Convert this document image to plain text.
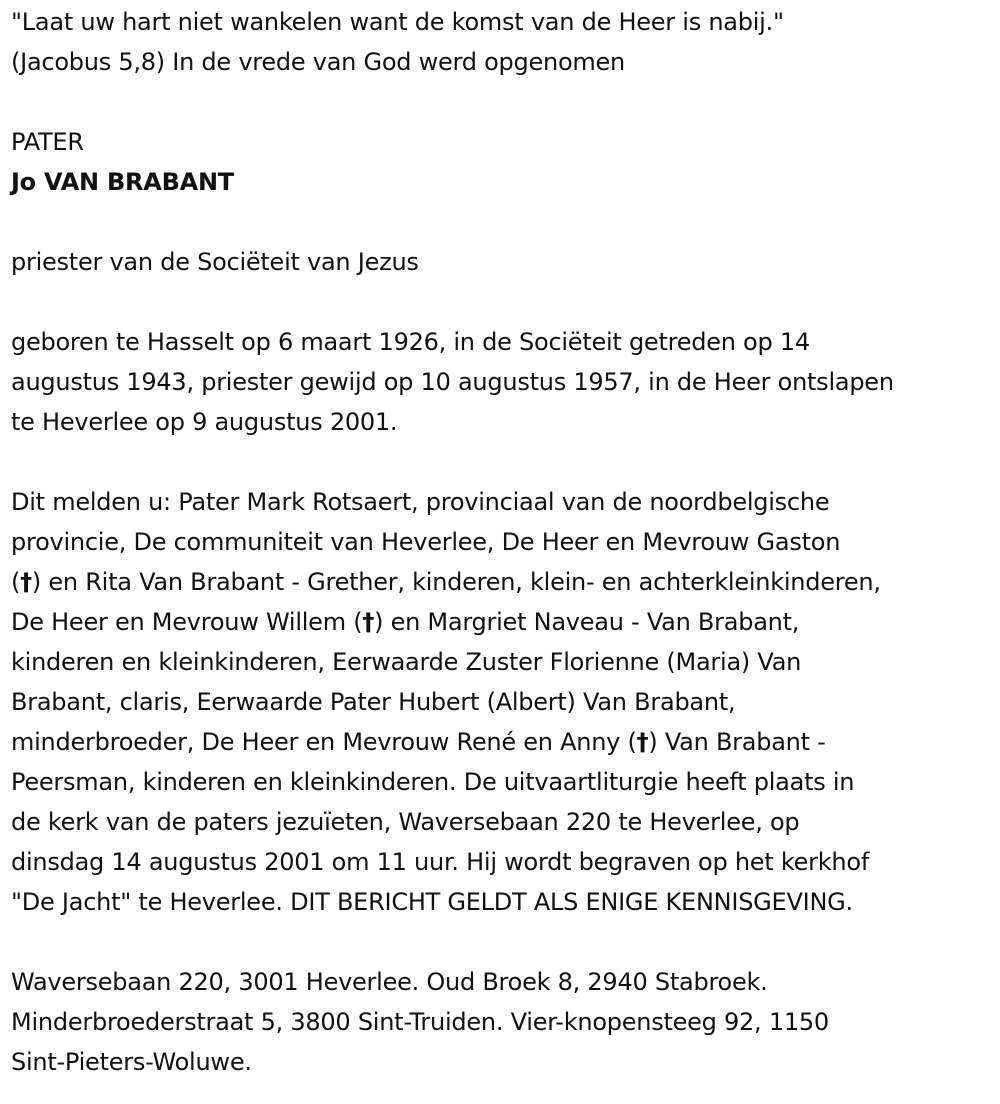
"Laat uw hart niet wankelen want de komst van de Heer is nabij."

(Jacobus 5,8) In de vrede van God werd opgenomen

PATER

Jo VAN BRABANT

priester van de Sociëteit van Jezus

geboren te Hasselt op 6 maart 1926, in de Sociëteit getreden op 14

augustus 1943, priester gewijd op 10 augustus 1957, in de Heer ontslapen

te Heverlee op 9 augustus 2001.

Dit melden u: Pater Mark Rotsaert, provinciaal van de noordbelgische

provincie, De communiteit van Heverlee, De Heer en Mevrouw Gaston

(†) en Rita Van Brabant - Grether, kinderen, klein- en achterkleinkinderen,

De Heer en Mevrouw Willem (†) en Margriet Naveau - Van Brabant,

kinderen en kleinkinderen, Eerwaarde Zuster Florienne (Maria) Van

Brabant, claris, Eerwaarde Pater Hubert (Albert) Van Brabant,

minderbroeder, De Heer en Mevrouw René en Anny (†) Van Brabant -

Peersman, kinderen en kleinkinderen. De uitvaartliturgie heeft plaats in

de kerk van de paters jezuïeten, Waversebaan 220 te Heverlee, op

dinsdag 14 augustus 2001 om 11 uur. Hij wordt begraven op het kerkhof

"De Jacht" te Heverlee. DIT BERICHT GELDT ALS ENIGE KENNISGEVING.

Waversebaan 220, 3001 Heverlee. Oud Broek 8, 2940 Stabroek.

Minderbroederstraat 5, 3800 Sint-Truiden. Vier-knopensteeg 92, 1150

Sint-Pieters-Woluwe.
